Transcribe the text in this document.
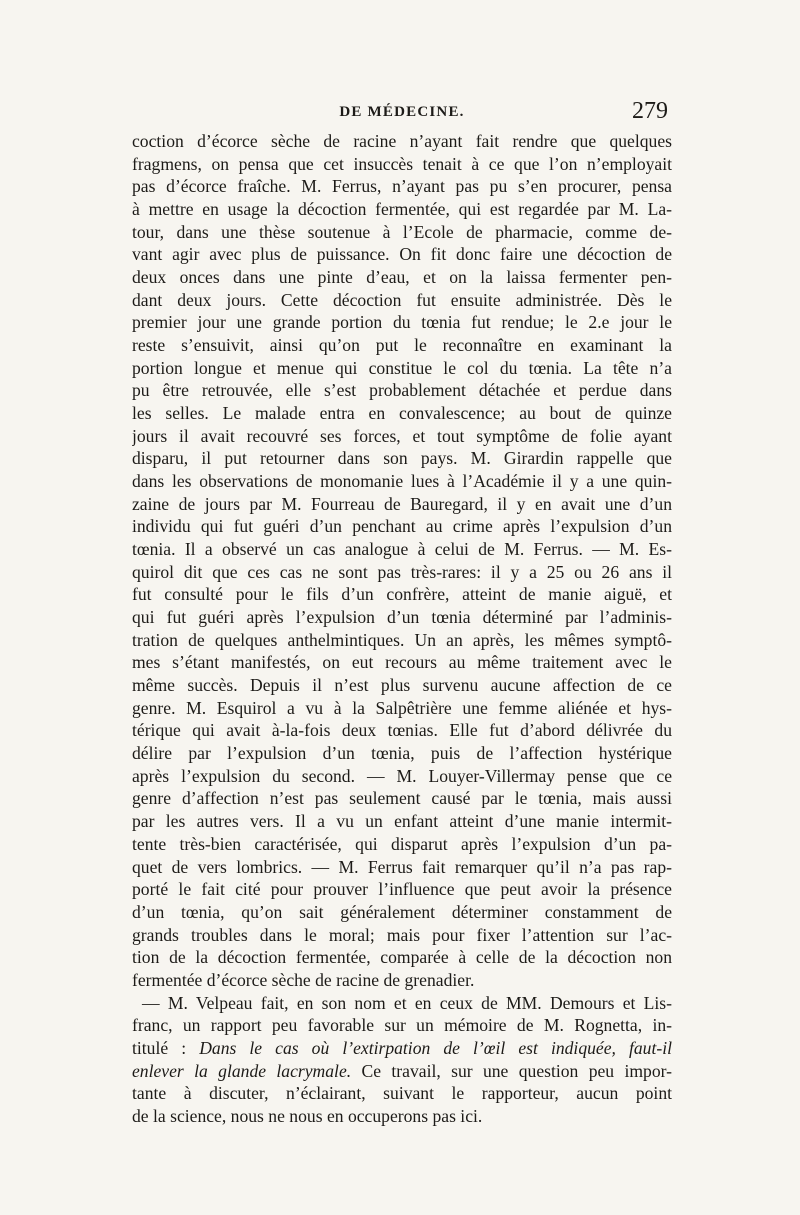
DE MÉDECINE.	279
coction d’écorce sèche de racine n’ayant fait rendre que quelques
fragmens, on pensa que cet insuccès tenait à ce que l’on n’employait
pas d’écorce fraîche. M. Ferrus, n’ayant pas pu s’en procurer, pensa
à mettre en usage la décoction fermentée, qui est regardée par M. La-
tour, dans une thèse soutenue à l’Ecole de pharmacie, comme de-
vant agir avec plus de puissance. On fit donc faire une décoction de
deux onces dans une pinte d’eau, et on la laissa fermenter pen-
dant deux jours. Cette décoction fut ensuite administrée. Dès le
premier jour une grande portion du tœnia fut rendue; le 2.e jour le
reste s’ensuivit, ainsi qu’on put le reconnaître en examinant la
portion longue et menue qui constitue le col du tœnia. La tête n’a
pu être retrouvée, elle s’est probablement détachée et perdue dans
les selles. Le malade entra en convalescence; au bout de quinze
jours il avait recouvré ses forces, et tout symptôme de folie ayant
disparu, il put retourner dans son pays. M. Girardin rappelle que
dans les observations de monomanie lues à l’Académie il y a une quin-
zaine de jours par M. Fourreau de Bauregard, il y en avait une d’un
individu qui fut guéri d’un penchant au crime après l’expulsion d’un
tœnia. Il a observé un cas analogue à celui de M. Ferrus. — M. Es-
quirol dit que ces cas ne sont pas très-rares: il y a 25 ou 26 ans il
fut consulté pour le fils d’un confrère, atteint de manie aiguë, et
qui fut guéri après l’expulsion d’un tœnia déterminé par l’adminis-
tration de quelques anthelmintiques. Un an après, les mêmes symptô-
mes s’étant manifestés, on eut recours au même traitement avec le
même succès. Depuis il n’est plus survenu aucune affection de ce
genre. M. Esquirol a vu à la Salpêtrière une femme aliénée et hys-
térique qui avait à-la-fois deux tœnias. Elle fut d’abord délivrée du
délire par l’expulsion d’un tœnia, puis de l’affection hystérique
après l’expulsion du second. — M. Louyer-Villermay pense que ce
genre d’affection n’est pas seulement causé par le tœnia, mais aussi
par les autres vers. Il a vu un enfant atteint d’une manie intermit-
tente très-bien caractérisée, qui disparut après l’expulsion d’un pa-
quet de vers lombrics. — M. Ferrus fait remarquer qu’il n’a pas rap-
porté le fait cité pour prouver l’influence que peut avoir la présence
d’un tœnia, qu’on sait généralement déterminer constamment de
grands troubles dans le moral; mais pour fixer l’attention sur l’ac-
tion de la décoction fermentée, comparée à celle de la décoction non
fermentée d’écorce sèche de racine de grenadier.
— M. Velpeau fait, en son nom et en ceux de MM. Demours et Lis-
franc, un rapport peu favorable sur un mémoire de M. Rognetta, in-
titulé : Dans le cas où l’extirpation de l’œil est indiquée, faut-il
enlever la glande lacrymale. Ce travail, sur une question peu impor-
tante à discuter, n’éclairant, suivant le rapporteur, aucun point
de la science, nous ne nous en occuperons pas ici.
